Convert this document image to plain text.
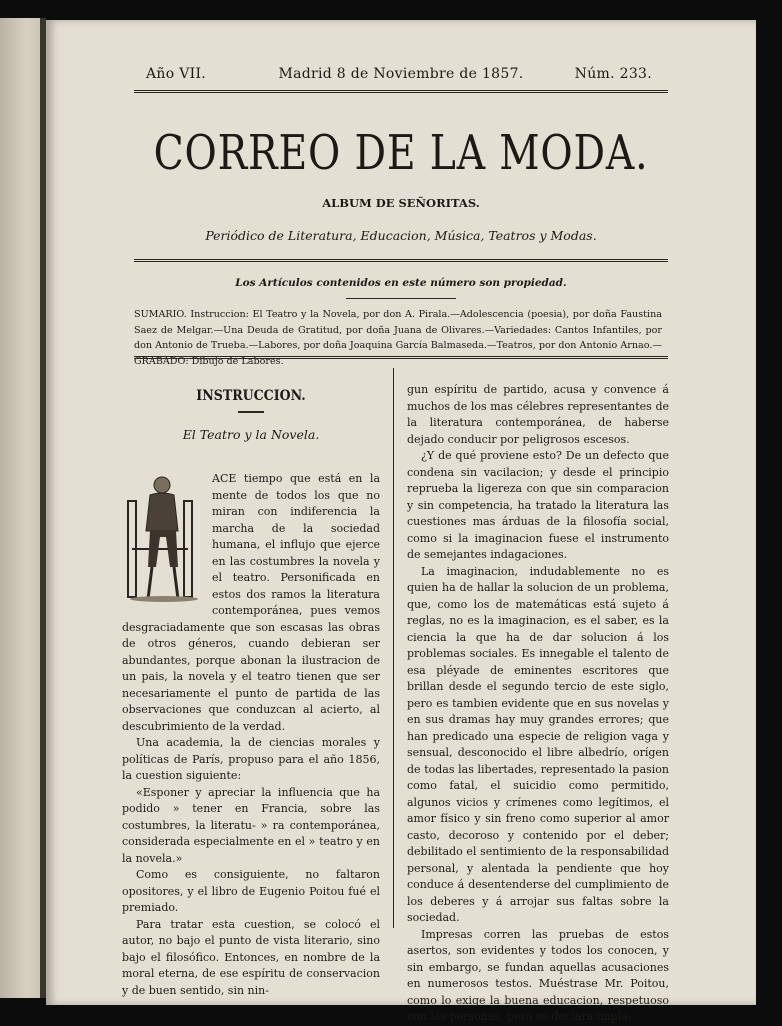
Año VII.	Madrid 8 de Noviembre de 1857.	Núm. 233.
CORREO DE LA MODA.
ALBUM DE SEÑORITAS.
Periódico de Literatura, Educacion, Música, Teatros y Modas.
Los Artículos contenidos en este número son propiedad.
SUMARIO. Instruccion: El Teatro y la Novela, por don A. Pirala.—Adolescencia (poesia), por doña Faustina Saez de Melgar.—Una Deuda de Gratitud, por doña Juana de Olivares.—Variedades: Cantos Infantiles, por don Antonio de Trueba.—Labores, por doña Joaquina García Balmaseda.—Teatros, por don Antonio Arnao.—GRABADO: Dibujo de Labores.
INSTRUCCION.
El Teatro y la Novela.

ACE tiempo que está en la mente de todos los que no miran con indiferencia la marcha de la sociedad humana, el influjo que ejerce en las costumbres la novela y el teatro. Personificada en estos dos ramos la literatura contemporánea, pues vemos desgraciadamente que son escasas las obras de otros géneros, cuando debieran ser abundantes, porque abonan la ilustracion de un pais, la novela y el teatro tienen que ser necesariamente el punto de partida de las observaciones que conduzcan al acierto, al descubrimiento de la verdad.

Una academia, la de ciencias morales y políticas de París, propuso para el año 1856, la cuestion siguiente:

«Esponer y apreciar la influencia que ha podido » tener en Francia, sobre las costumbres, la literatu- » ra contemporánea, considerada especialmente en el » teatro y en la novela.»

Como es consiguiente, no faltaron opositores, y el libro de Eugenio Poitou fué el premiado.

Para tratar esta cuestion, se colocó el autor, no bajo el punto de vista literario, sino bajo el filosófico. Entonces, en nombre de la moral eterna, de ese espíritu de conservacion y de buen sentido, sin nin-

gun espíritu de partido, acusa y convence á muchos de los mas célebres representantes de la literatura contemporánea, de haberse dejado conducir por peligrosos escesos.

¿Y de qué proviene esto? De un defecto que condena sin vacilacion; y desde el principio reprueba la ligereza con que sin comparacion y sin competencia, ha tratado la literatura las cuestiones mas árduas de la filosofía social, como si la imaginacion fuese el instrumento de semejantes indagaciones.

La imaginacion, indudablemente no es quien ha de hallar la solucion de un problema, que, como los de matemáticas está sujeto á reglas, no es la imaginacion, es el saber, es la ciencia la que ha de dar solucion á los problemas sociales. Es innegable el talento de esa pléyade de eminentes escritores que brillan desde el segundo tercio de este siglo, pero es tambien evidente que en sus novelas y en sus dramas hay muy grandes errores; que han predicado una especie de religion vaga y sensual, desconocido el libre albedrío, orígen de todas las libertades, representado la pasion como fatal, el suicidio como permitido, algunos vicios y crímenes como legítimos, el amor físico y sin freno como superior al amor casto, decoroso y contenido por el deber; debilitado el sentimiento de la responsabilidad personal, y alentada la pendiente que hoy conduce á desentenderse del cumplimiento de los deberes y á arrojar sus faltas sobre la sociedad.

Impresas corren las pruebas de estos asertos, son evidentes y todos los conocen, y sin embargo, se fundan aquellas acusaciones en numerosos testos. Muéstrase Mr. Poitou, como lo exige la buena educacion, respetuoso con las personas, pero se declara impla-
